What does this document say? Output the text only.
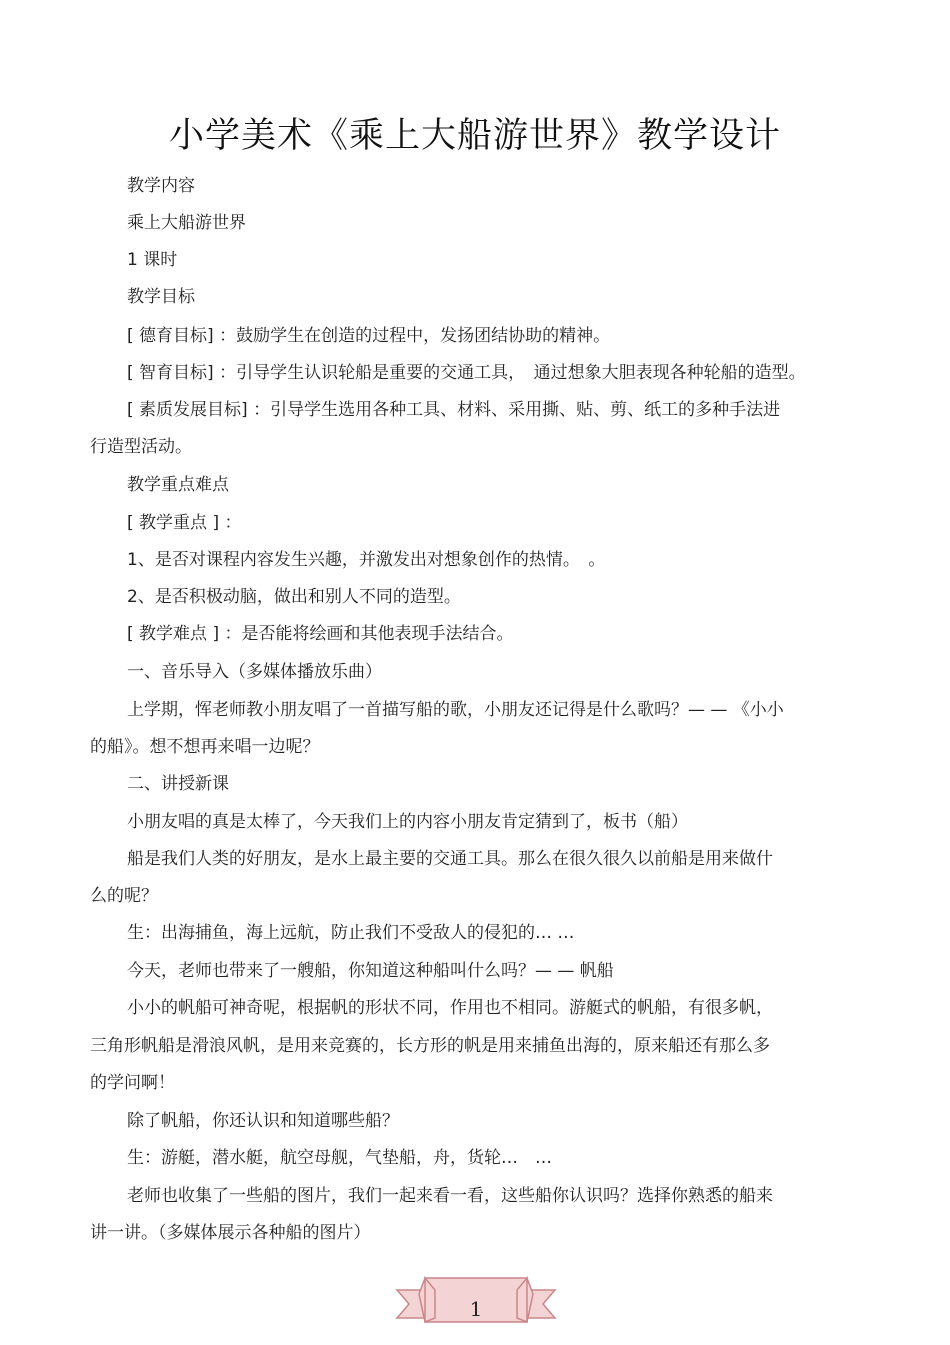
小学美术《乘上大船游世界》教学设计
教学内容
乘上大船游世界
1 课时
教学目标
[ 德育目标] ：鼓励学生在创造的过程中，发扬团结协助的精神。
[ 智育目标] ：引导学生认识轮船是重要的交通工具，　通过想象大胆表现各种轮船的造型。
[ 素质发展目标] ：引导学生选用各种工具、材料、采用撕、贴、剪、纸工的多种手法进
行造型活动。
教学重点难点
[ 教学重点 ] ：
1、是否对课程内容发生兴趣，并激发出对想象创作的热情。　。
2、是否积极动脑，做出和别人不同的造型。
[ 教学难点 ] ：是否能将绘画和其他表现手法结合。
一、音乐导入（多媒体播放乐曲）
上学期，恽老师教小朋友唱了一首描写船的歌，小朋友还记得是什么歌吗？— — 《小小
的船》。想不想再来唱一边呢？
二、讲授新课
小朋友唱的真是太棒了，今天我们上的内容小朋友肯定猜到了，板书（船）
船是我们人类的好朋友，是水上最主要的交通工具。那么在很久很久以前船是用来做什
么的呢？
生：出海捕鱼，海上远航，防止我们不受敌人的侵犯的… …
今天，老师也带来了一艘船，你知道这种船叫什么吗？— — 帆船
小小的帆船可神奇呢，根据帆的形状不同，作用也不相同。游艇式的帆船，有很多帆，
三角形帆船是滑浪风帆，是用来竞赛的，长方形的帆是用来捕鱼出海的，原来船还有那么多
的学问啊！
除了帆船，你还认识和知道哪些船？
生：游艇，潜水艇，航空母舰，气垫船，舟，货轮…　…
老师也收集了一些船的图片，我们一起来看一看，这些船你认识吗？选择你熟悉的船来
讲一讲。（多媒体展示各种船的图片）
1
